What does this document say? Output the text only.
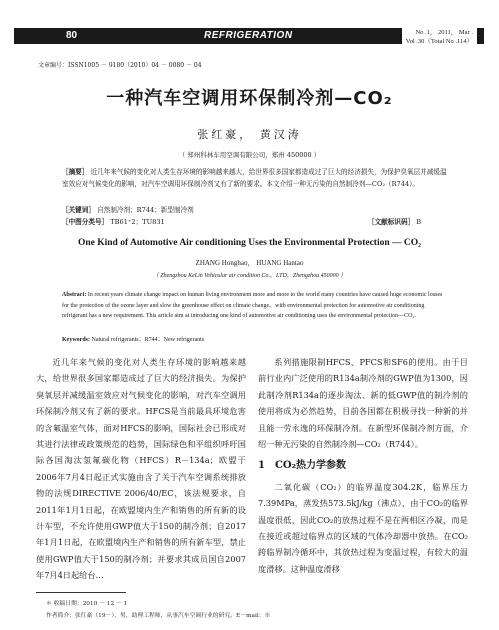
80	REFRIGERATION	No .1， 2011， Mar .
Vol .30（Total No .114）
文章编号：ISSN1005 － 9180（2010）04 － 0080 － 04
一种汽车空调用环保制冷剂—CO₂
张红豪， 黄汉涛
（ 郑州科林车用空调有限公司，郑州 450000 ）
［摘要］ 近几年来气候的变化对人类生存环境的影响越来越大，给世界很多国家都造成过了巨大的经济损失，为保护臭氧层并减缓温室效应对气候变化的影响，对汽车空调用环保制冷剂又有了新的要求。本文介绍一种无污染的自然制冷剂—CO₂（R744）。
［关键词］ 自然制冷剂；R744；新型制冷剂
［中图分类号］ TB61⁺2；TU831	［文献标识码］ B
One Kind of Automotive Air conditioning Uses the Environmental Protection — CO₂
ZHANG Honghao， HUANG Hantao
（ Zhengzhou KeLin Vehicular air condition Co.，LTD，Zhengzhou 450000 ）
Abstract: In recent years climate change impact on human living environment more and more to the world many countries have caused huge economic losses for the protection of the ozone layer and slow the greenhouse effect on climate change，with environmental protection for automotive air conditioning refrigerant has a new requirement. This article aim at introducing one kind of automotive air conditioning uses the environmental protection—CO₂.
Keywords: Natural refrigerants；R744；New refrigerants

近几年来气候的变化对人类生存环境的影响越来越大，给世界很多国家都造成过了巨大的经济损失。为保护臭氧层并减缓温室效应对气候变化的影响，对汽车空调用环保制冷剂又有了新的要求。HFCS是当前最具环境危害的含氟温室气体，面对HFCS的影响，国际社会已形成对其进行法律或政策规范的趋势，国际绿色和平组织呼吁国际各国淘汰氢氟碳化物（HFCS）R－134a；欧盟于2006年7月4日起正式实施由含了关于汽车空调系统排放物的法规DIRECTIVE 2006/40/EC，该法规要求，自2011年1月1日起，在欧盟境内生产和销售的所有新的设计车型，不允许使用GWP值大于150的制冷剂；自2017年1月1日起，在欧盟境内生产和销售的所有新车型，禁止使用GWP值大于150的制冷剂；并要求其成员国自2007年7月4日起给台…

系列措施限制HFCS、PFCS和SF6的使用。由于目前行业内广泛使用的R134a制冷剂的GWP值为1300，因此制冷剂R134a的逐步淘汰、新的低GWP值的制冷剂的使用将成为必然趋势，目前各国都在积极寻找一种新的并且能一劳永逸的环保制冷剂。在新型环保制冷剂方面，介绍一种无污染的自然制冷剂—CO₂（R744）。

1　CO₂热力学参数

二氧化碳（CO₂）的临界温度304.2K，临界压力7.39MPa，蒸发热573.5kJ/kg（沸点），由于CO₂的临界温度很低，因此CO₂的放热过程不是在两相区冷凝，而是在接近或超过临界点的区域的气体冷却器中放热。在CO₂跨临界制冷循环中，其放热过程为变温过程，有较大的温度滑移。这种温度滑移

＊ 收稿日期：2010 － 12 － 1
作者简介：张红豪（19－），男，助理工程师，从事汽车空调行业的研究。E－mail：※
